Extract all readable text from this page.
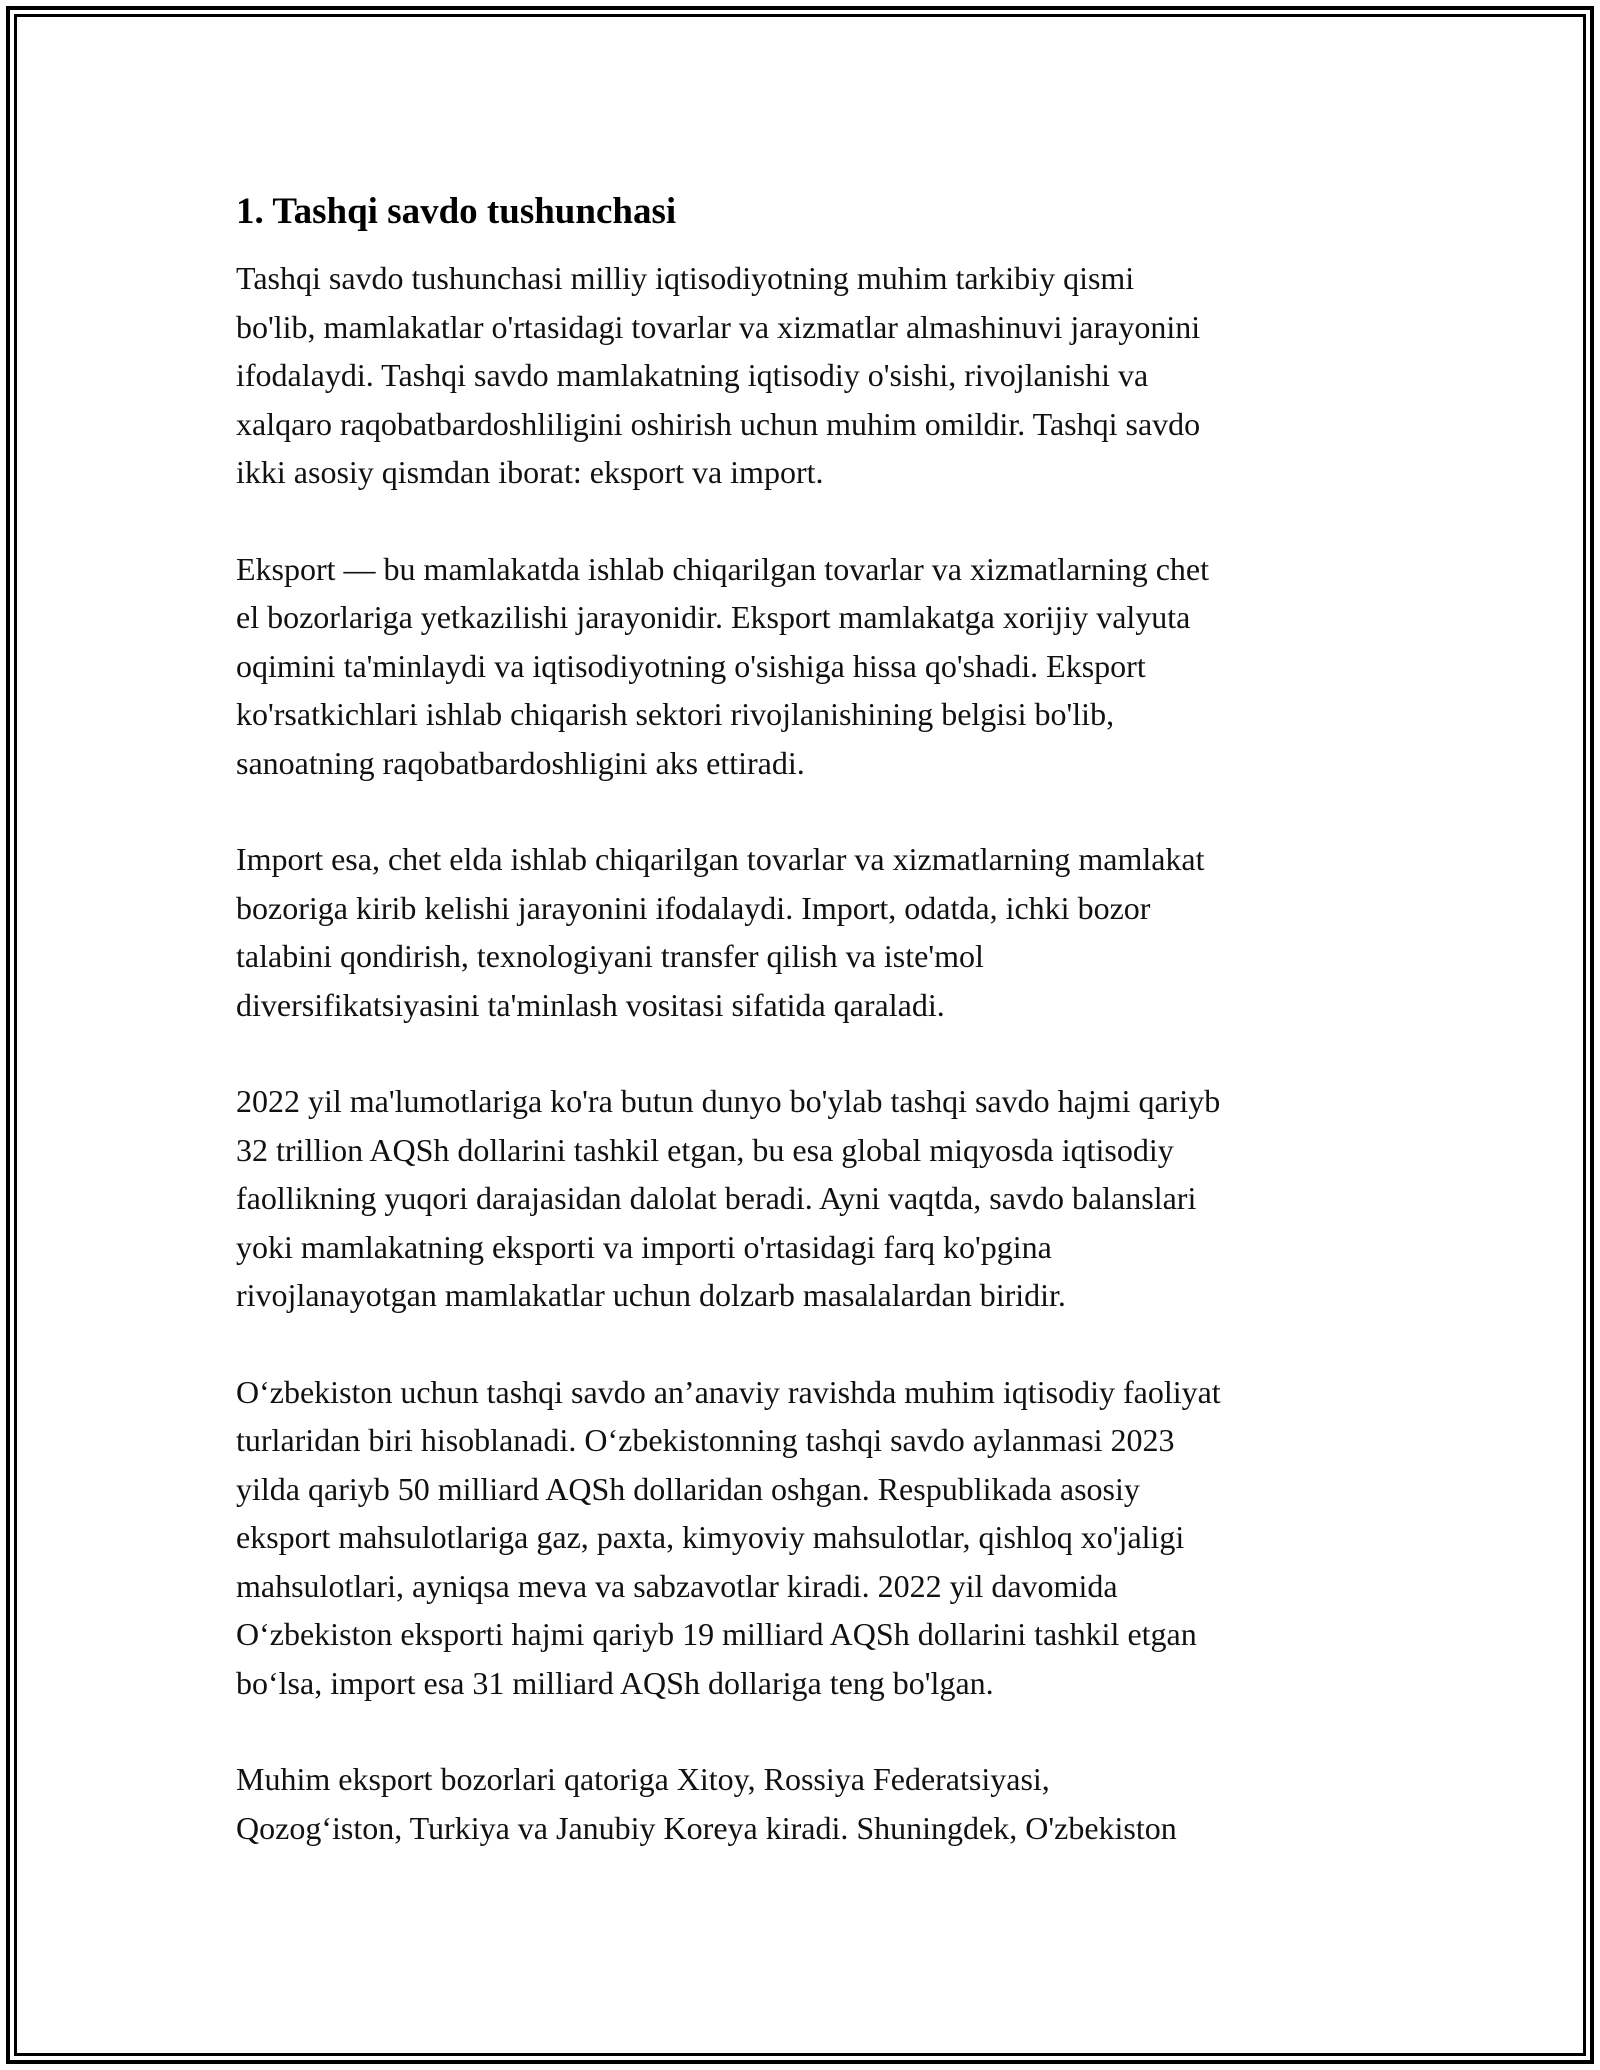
1. Tashqi savdo tushunchasi

Tashqi savdo tushunchasi milliy iqtisodiyotning muhim tarkibiy qismi
bo'lib, mamlakatlar o'rtasidagi tovarlar va xizmatlar almashinuvi jarayonini
ifodalaydi. Tashqi savdo mamlakatning iqtisodiy o'sishi, rivojlanishi va
xalqaro raqobatbardoshliligini oshirish uchun muhim omildir. Tashqi savdo
ikki asosiy qismdan iborat: eksport va import.

Eksport — bu mamlakatda ishlab chiqarilgan tovarlar va xizmatlarning chet
el bozorlariga yetkazilishi jarayonidir. Eksport mamlakatga xorijiy valyuta
oqimini ta'minlaydi va iqtisodiyotning o'sishiga hissa qo'shadi. Eksport
ko'rsatkichlari ishlab chiqarish sektori rivojlanishining belgisi bo'lib,
sanoatning raqobatbardoshligini aks ettiradi.

Import esa, chet elda ishlab chiqarilgan tovarlar va xizmatlarning mamlakat
bozoriga kirib kelishi jarayonini ifodalaydi. Import, odatda, ichki bozor
talabini qondirish, texnologiyani transfer qilish va iste'mol
diversifikatsiyasini ta'minlash vositasi sifatida qaraladi.

2022 yil ma'lumotlariga ko'ra butun dunyo bo'ylab tashqi savdo hajmi qariyb
32 trillion AQSh dollarini tashkil etgan, bu esa global miqyosda iqtisodiy
faollikning yuqori darajasidan dalolat beradi. Ayni vaqtda, savdo balanslari
yoki mamlakatning eksporti va importi o'rtasidagi farq ko'pgina
rivojlanayotgan mamlakatlar uchun dolzarb masalalardan biridir.

O‘zbekiston uchun tashqi savdo an’anaviy ravishda muhim iqtisodiy faoliyat
turlaridan biri hisoblanadi. O‘zbekistonning tashqi savdo aylanmasi 2023
yilda qariyb 50 milliard AQSh dollaridan oshgan. Respublikada asosiy
eksport mahsulotlariga gaz, paxta, kimyoviy mahsulotlar, qishloq xo'jaligi
mahsulotlari, ayniqsa meva va sabzavotlar kiradi. 2022 yil davomida
O‘zbekiston eksporti hajmi qariyb 19 milliard AQSh dollarini tashkil etgan
bo‘lsa, import esa 31 milliard AQSh dollariga teng bo'lgan.

Muhim eksport bozorlari qatoriga Xitoy, Rossiya Federatsiyasi,
Qozog‘iston, Turkiya va Janubiy Koreya kiradi. Shuningdek, O'zbekiston
